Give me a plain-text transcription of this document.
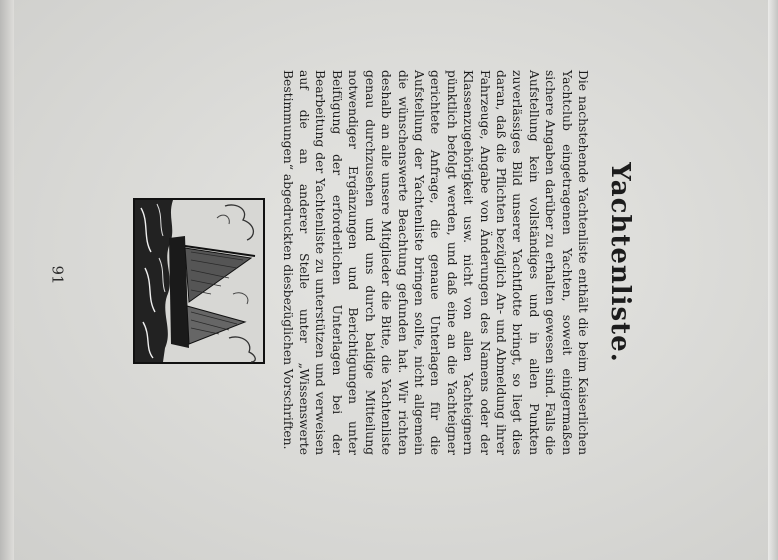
Yachtenliste.

Die nachstehende Yachtenliste enthält die beim Kaiserlichen Yachtclub eingetragenen Yachten, soweit einigermaßen sichere Angaben darüber zu erhalten gewesen sind. Falls die Aufstellung kein vollständiges und in allen Punkten zuverlässiges Bild unserer Yachtflotte bringt, so liegt dies daran, daß die Pflichten bezüglich An- und Abmeldung ihrer Fahrzeuge, Angabe von Änderungen des Namens oder der Klassenzugehörigkeit usw. nicht von allen Yachteignern pünktlich befolgt werden, und daß eine an die Yachteigner gerichtete Anfrage, die genaue Unterlagen für die Aufstellung der Yachtenliste bringen sollte, nicht allgemein die wünschenswerte Beachtung gefunden hat. Wir richten deshalb an alle unsere Mitglieder die Bitte, die Yachtenliste genau durchzusehen und uns durch baldige Mitteilung notwendiger Ergänzungen und Berichtigungen unter Beifügung der erforderlichen Unterlagen bei der Bearbeitung der Yachtenliste zu unterstützen und verweisen auf die an anderer Stelle unter „Wissenswerte Bestimmungen“ abgedruckten diesbezüglichen Vorschriften.

91
